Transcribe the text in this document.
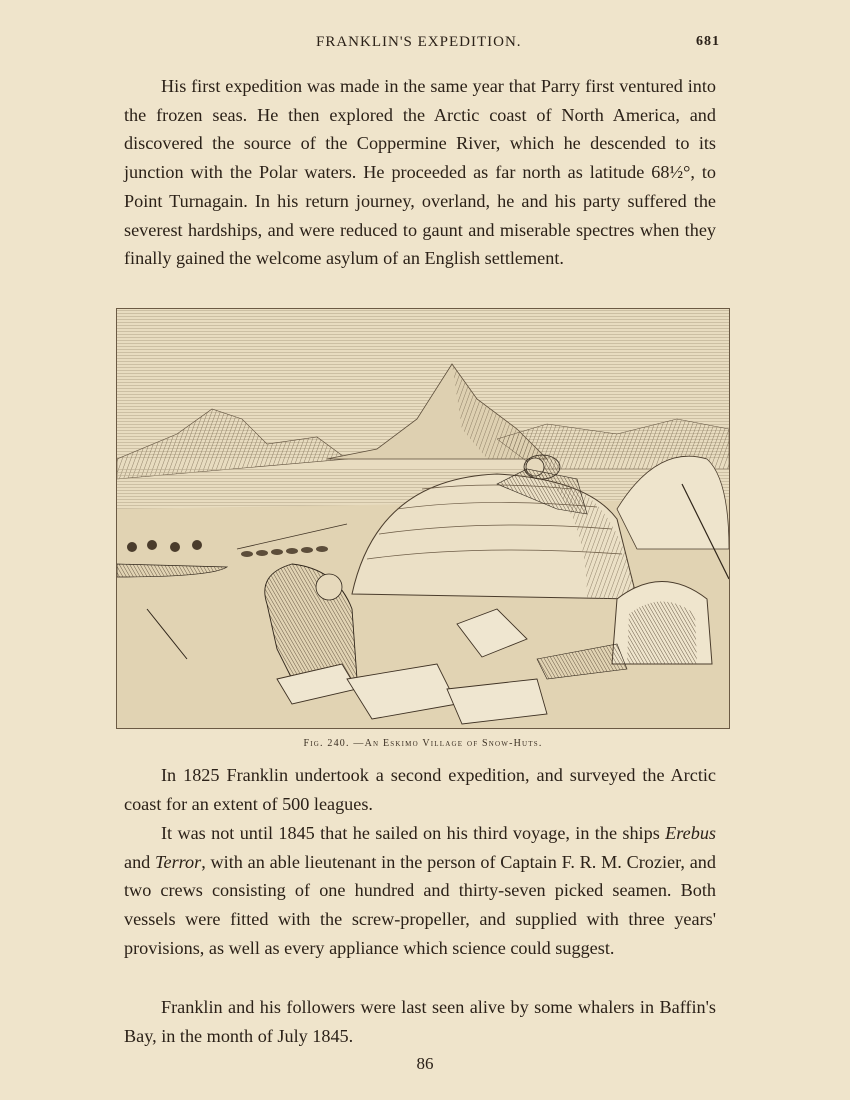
FRANKLIN'S EXPEDITION.	681

His first expedition was made in the same year that Parry first ventured into the frozen seas. He then explored the Arctic coast of North America, and discovered the source of the Coppermine River, which he descended to its junction with the Polar waters. He proceeded as far north as latitude 68½°, to Point Turnagain. In his return journey, overland, he and his party suffered the severest hardships, and were reduced to gaunt and miserable spectres when they finally gained the welcome asylum of an English settlement.

Fig. 240. —An Eskimo Village of Snow-Huts.

In 1825 Franklin undertook a second expedition, and surveyed the Arctic coast for an extent of 500 leagues.

It was not until 1845 that he sailed on his third voyage, in the ships Erebus and Terror, with an able lieutenant in the person of Captain F. R. M. Crozier, and two crews consisting of one hundred and thirty-seven picked seamen. Both vessels were fitted with the screw-propeller, and supplied with three years' provisions, as well as every appliance which science could suggest.

Franklin and his followers were last seen alive by some whalers in Baffin's Bay, in the month of July 1845.

86
